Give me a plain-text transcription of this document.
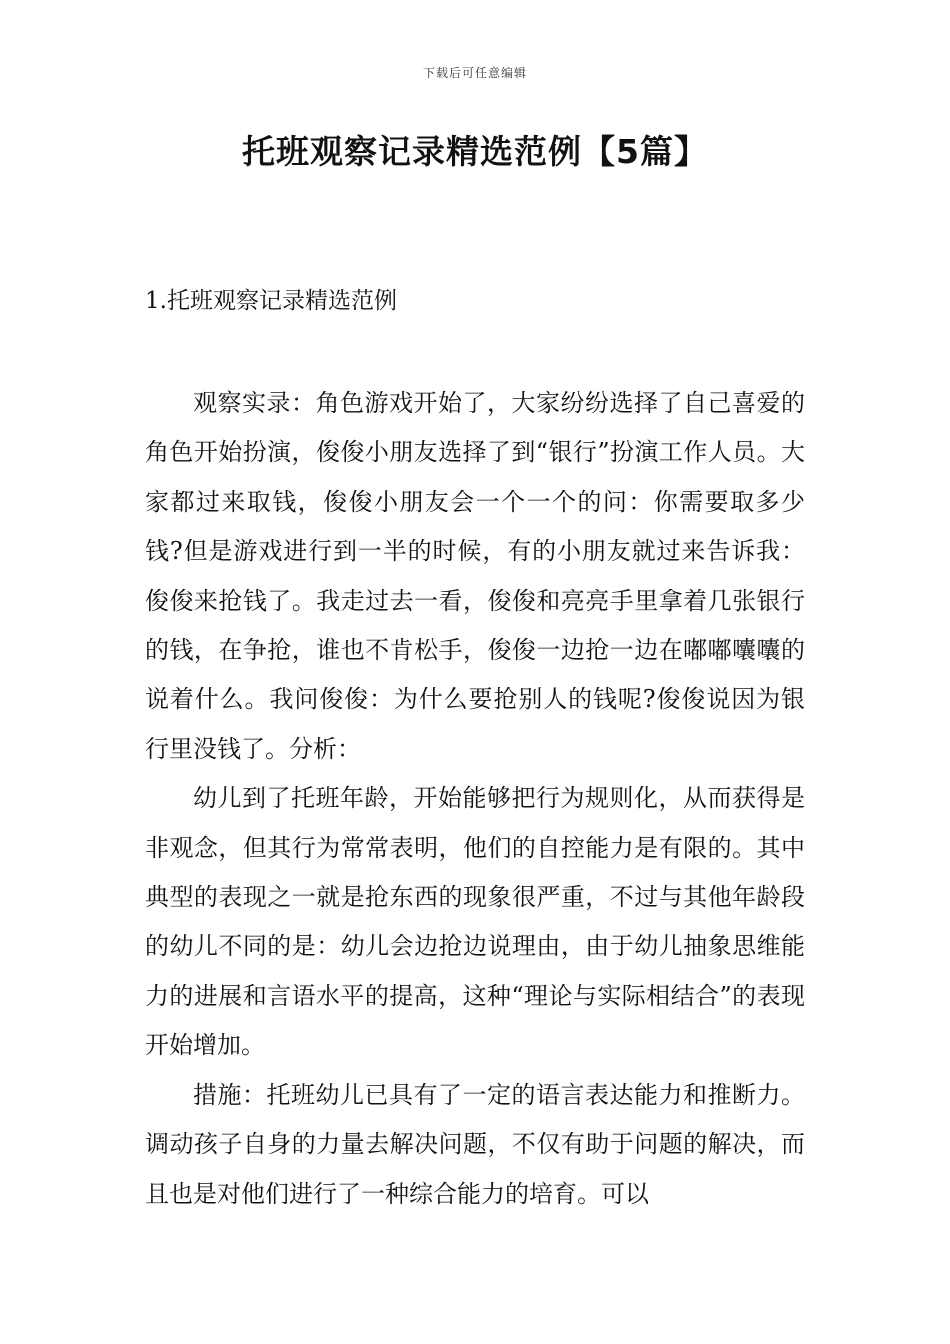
下载后可任意编辑
托班观察记录精选范例【5篇】
1.托班观察记录精选范例

观察实录：角色游戏开始了，大家纷纷选择了自己喜爱的角色开始扮演，俊俊小朋友选择了到“银行”扮演工作人员。大家都过来取钱，俊俊小朋友会一个一个的问：你需要取多少钱?但是游戏进行到一半的时候，有的小朋友就过来告诉我：俊俊来抢钱了。我走过去一看，俊俊和亮亮手里拿着几张银行的钱，在争抢，谁也不肯松手，俊俊一边抢一边在嘟嘟囔囔的说着什么。我问俊俊：为什么要抢别人的钱呢?俊俊说因为银行里没钱了。分析：

幼儿到了托班年龄，开始能够把行为规则化，从而获得是非观念，但其行为常常表明，他们的自控能力是有限的。其中典型的表现之一就是抢东西的现象很严重，不过与其他年龄段的幼儿不同的是：幼儿会边抢边说理由，由于幼儿抽象思维能力的进展和言语水平的提高，这种“理论与实际相结合”的表现开始增加。

措施：托班幼儿已具有了一定的语言表达能力和推断力。调动孩子自身的力量去解决问题，不仅有助于问题的解决，而且也是对他们进行了一种综合能力的培育。可以
